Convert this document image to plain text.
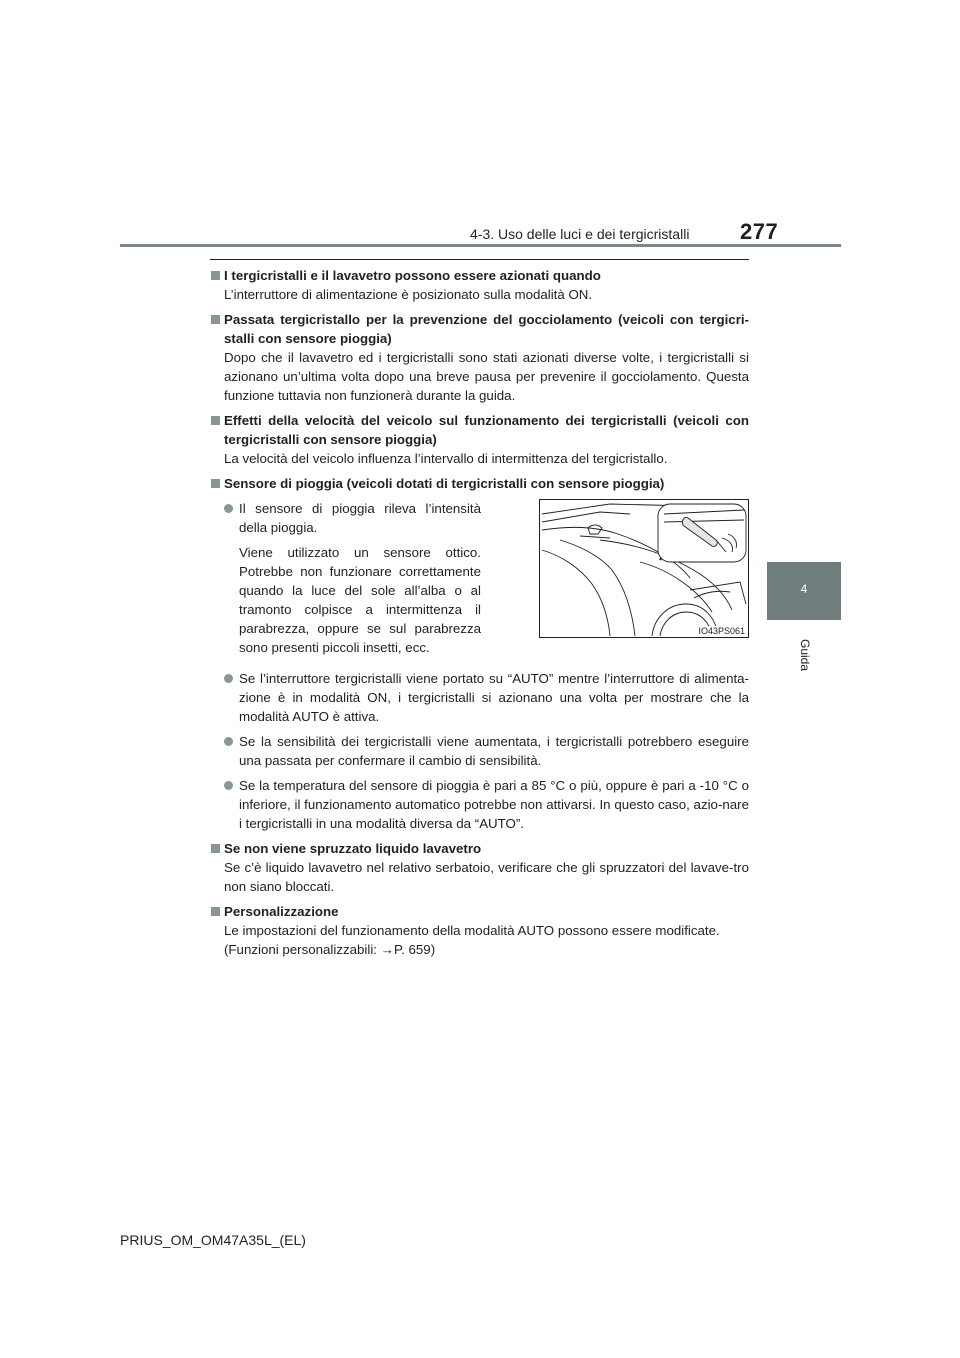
4-3. Uso delle luci e dei tergicristalli 277
4
Guida
I tergicristalli e il lavavetro possono essere azionati quando
L’interruttore di alimentazione è posizionato sulla modalità ON.
Passata tergicristallo per la prevenzione del gocciolamento (veicoli con tergicri-stalli con sensore pioggia)
Dopo che il lavavetro ed i tergicristalli sono stati azionati diverse volte, i tergicristalli si azionano un’ultima volta dopo una breve pausa per prevenire il gocciolamento. Questa funzione tuttavia non funzionerà durante la guida.
Effetti della velocità del veicolo sul funzionamento dei tergicristalli (veicoli con tergicristalli con sensore pioggia)
La velocità del veicolo influenza l’intervallo di intermittenza del tergicristallo.
Sensore di pioggia (veicoli dotati di tergicristalli con sensore pioggia)

Il sensore di pioggia rileva l’intensità della pioggia.

Viene utilizzato un sensore ottico. Potrebbe non funzionare correttamente quando la luce del sole all’alba o al tramonto colpisce a intermittenza il parabrezza, oppure se sul parabrezza sono presenti piccoli insetti, ecc.

IO43PS061
Se l’interruttore tergicristalli viene portato su “AUTO” mentre l’interruttore di alimenta-zione è in modalità ON, i tergicristalli si azionano una volta per mostrare che la modalità AUTO è attiva.
Se la sensibilità dei tergicristalli viene aumentata, i tergicristalli potrebbero eseguire una passata per confermare il cambio di sensibilità.
Se la temperatura del sensore di pioggia è pari a 85 °C o più, oppure è pari a -10 °C o inferiore, il funzionamento automatico potrebbe non attivarsi. In questo caso, azio-nare i tergicristalli in una modalità diversa da “AUTO”.
Se non viene spruzzato liquido lavavetro
Se c’è liquido lavavetro nel relativo serbatoio, verificare che gli spruzzatori del lavave-tro non siano bloccati.
Personalizzazione
Le impostazioni del funzionamento della modalità AUTO possono essere modificate.
(Funzioni personalizzabili: →P. 659)
PRIUS_OM_OM47A35L_(EL)
